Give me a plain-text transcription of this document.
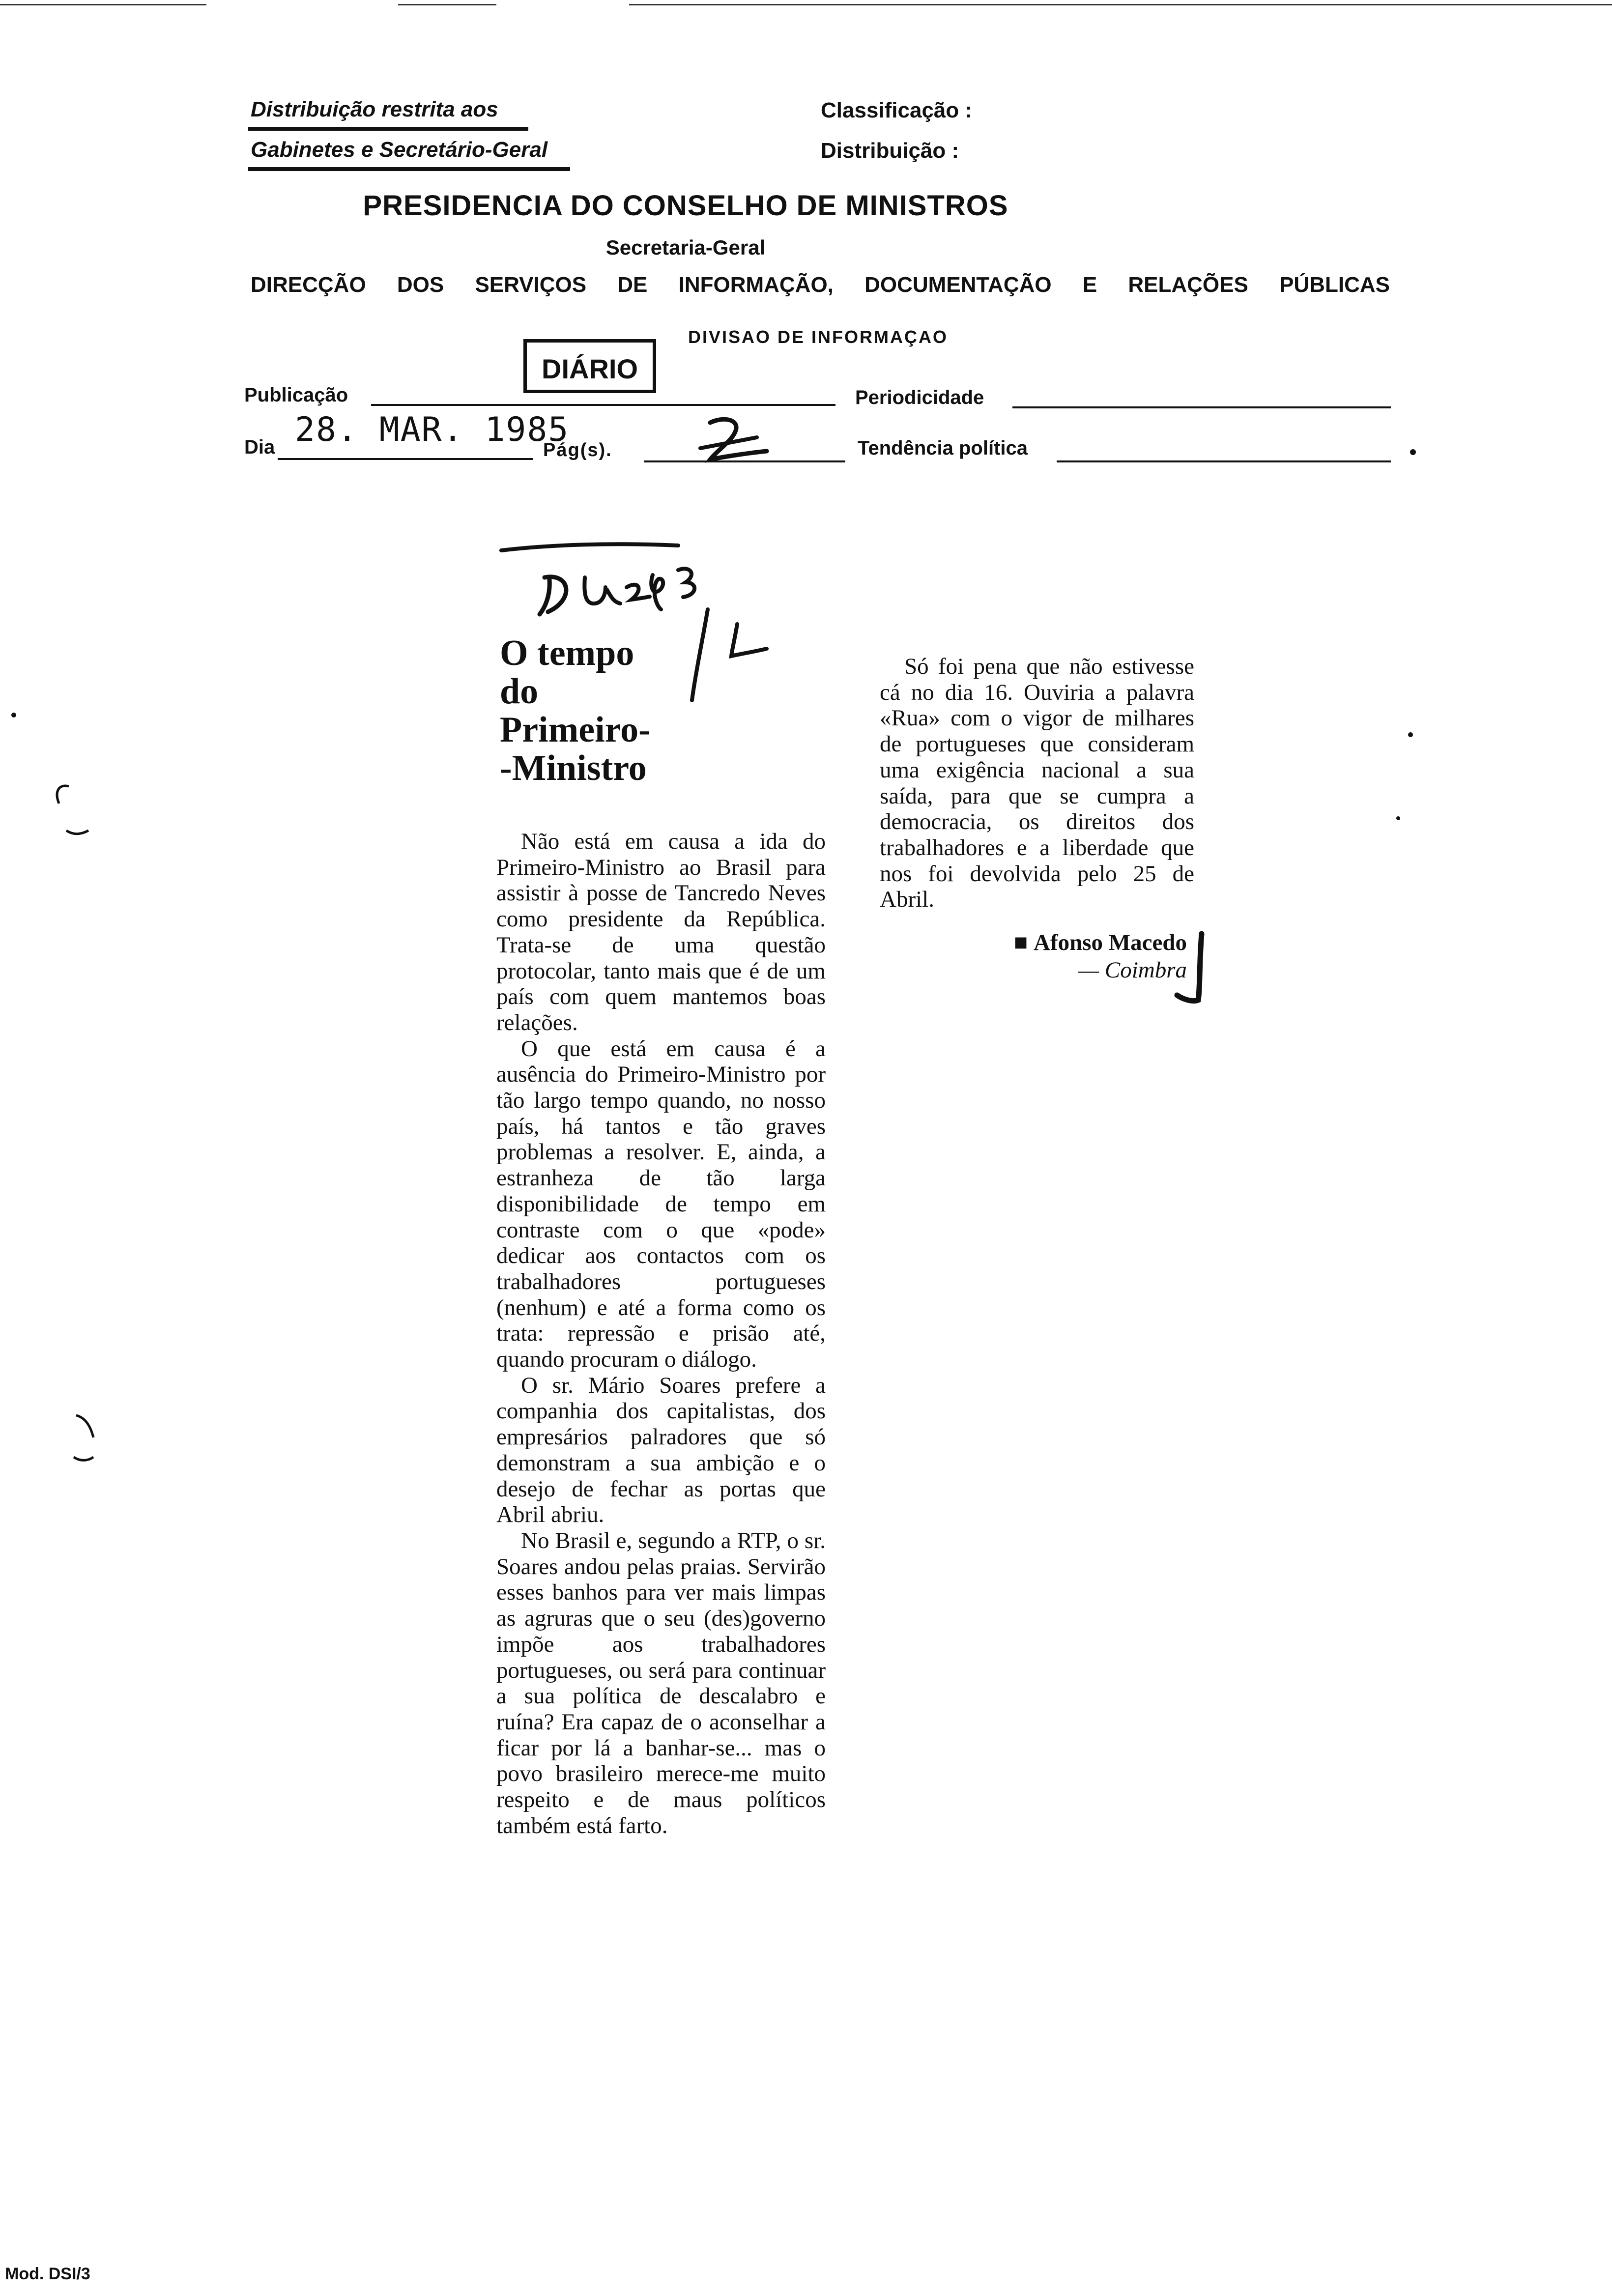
Distribuição restrita aos
Gabinetes e Secretário-Geral
Classificação :
Distribuição :
PRESIDENCIA DO CONSELHO DE MINISTROS
Secretaria-Geral
DIRECÇÃO DOS SERVIÇOS DE INFORMAÇÃO, DOCUMENTAÇÃO E RELAÇÕES PÚBLICAS
DIVISAO DE INFORMAÇAO
DIÁRIO
Publicação	Periodicidade
Dia 28. MAR. 1985
Pág(s).	Tendência política
O tempo
do
Primeiro-
-Ministro

Não está em causa a ida do Primeiro-Ministro ao Brasil para assistir à posse de Tancredo Neves como presidente da República. Trata-se de uma questão protocolar, tanto mais que é de um país com quem mantemos boas relações.

O que está em causa é a ausência do Primeiro-Ministro por tão largo tempo quando, no nosso país, há tantos e tão graves problemas a resolver. E, ainda, a estranheza de tão larga disponibilidade de tempo em contraste com o que «pode» dedicar aos contactos com os trabalhadores portugueses (nenhum) e até a forma como os trata: repressão e prisão até, quando procuram o diálogo.

O sr. Mário Soares prefere a companhia dos capitalistas, dos empresários palradores que só demonstram a sua ambição e o desejo de fechar as portas que Abril abriu.

No Brasil e, segundo a RTP, o sr. Soares andou pelas praias. Servirão esses banhos para ver mais limpas as agruras que o seu (des)governo impõe aos trabalhadores portugueses, ou será para continuar a sua política de descalabro e ruína? Era capaz de o aconselhar a ficar por lá a banhar-se... mas o povo brasileiro merece-me muito respeito e de maus políticos também está farto.

Só foi pena que não estivesse cá no dia 16. Ouviria a palavra «Rua» com o vigor de milhares de portugueses que consideram uma exigência nacional a sua saída, para que se cumpra a democracia, os direitos dos trabalhadores e a liberdade que nos foi devolvida pelo 25 de Abril.

■ Afonso Macedo
— Coimbra
Mod. DSI/3
